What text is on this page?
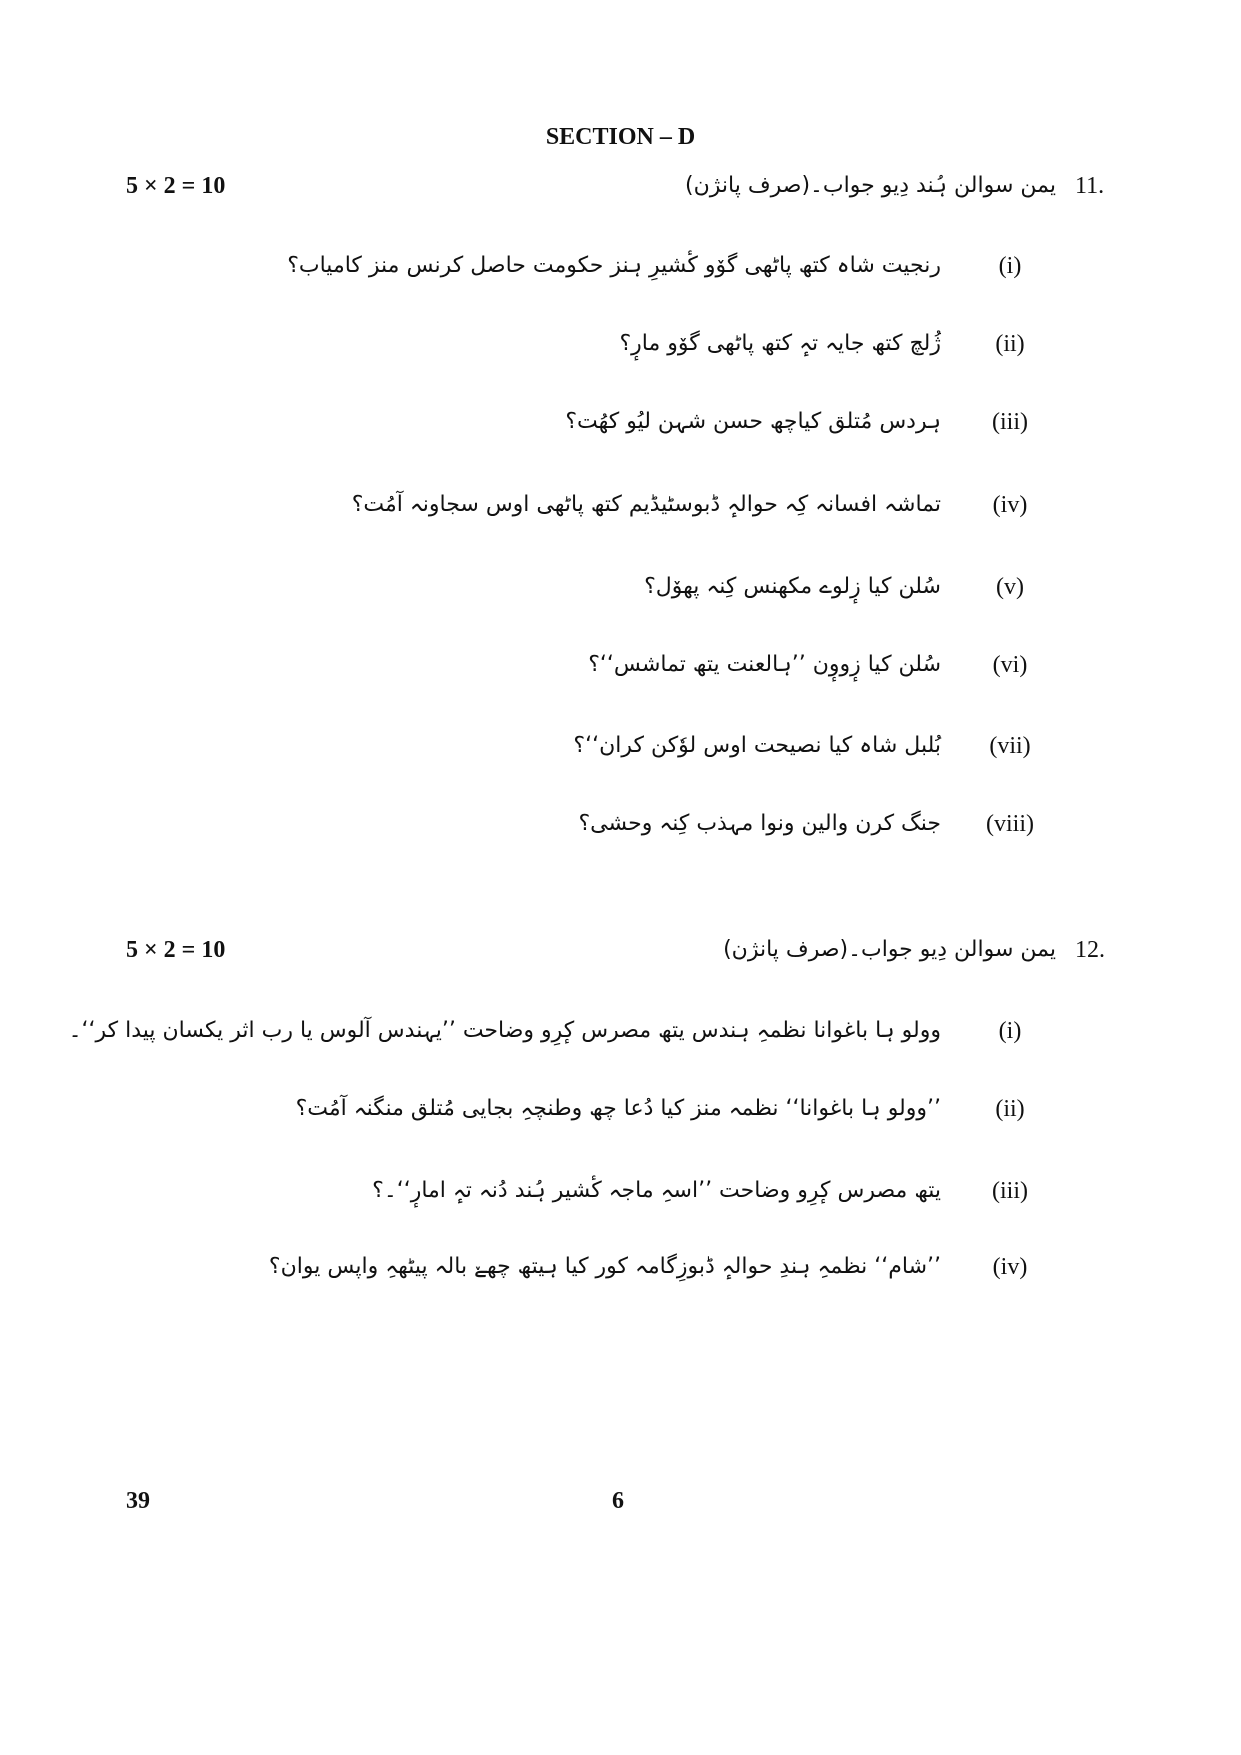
SECTION – D
5 × 2 = 10	11.
یمن سوالن ہُند دِیو جواب۔(صرف پانژن)
(i)
رنجیت شاہ کتھ پاٹھی گوٚو کٔشیرِ ہنز حکومت حاصل کرنس منز کامیاب؟
(ii)
ژُلچ کتھ جایہ تہٕ کتھ پاٹھی گوٚو مارٕ؟
(iii)
ہردس مُتلق کیاچھ حسن شہن لیُو کھُت؟
(iv)
تماشہ افسانہ کِہ حوالہٕ ڈبوسٹیڈیم کتھ پاٹھی اوس سجاونہ آمُت؟
(v)
سُلن کیا زٕلوے مکھنس کِنہ پھوٚل؟
(vi)
سُلن کیا زٕووٕن ’’ہالعنت یتھ تماشس‘‘؟
(vii)
بُلبل شاہ کیا نصیحت اوس لوٗکن کران‘‘؟
(viii)
جنگ کرن والین ونوا مہذب کِنہ وحشی؟
5 × 2 = 10	12.
یمن سوالن دِیو جواب۔(صرف پانژن)
(i)
وولو ہا باغوانا نظمہِ ہندس یتھ مصرس کٕرِو وضاحت ’’یہندس آلوس یا رب اثر یکسان پیدا کر‘‘۔
(ii)
’’وولو ہا باغوانا‘‘ نظمہ منز کیا دُعا چھ وطنچہِ بجایی مُتلق منگنہ آمُت؟
(iii)
یتھ مصرس کٕرِو وضاحت ’’اسہِ ماجہ کٔشیر ہُند دُنہ تہٕ امارٕ‘‘۔؟
(iv)
’’شام‘‘ نظمہِ ہندِ حوالہٕ ڈبوزِگامہ کور کیا ہیتھ چھےٚ بالہ پیٹھہِ واپس یوان؟
39	6
